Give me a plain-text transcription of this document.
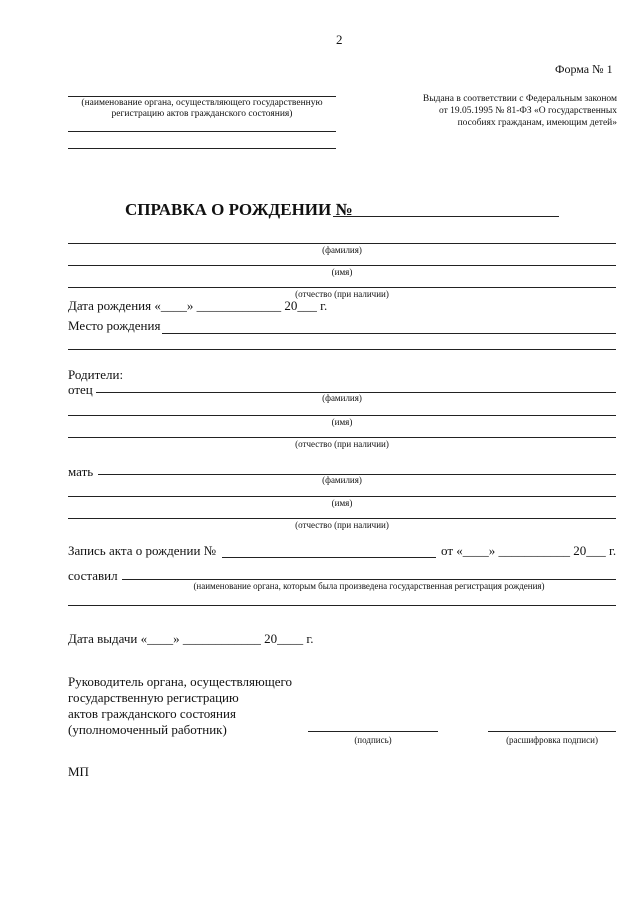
2
Форма № 1
(наименование органа, осуществляющего государственную
регистрацию актов гражданского состояния)
Выдана в соответствии с Федеральным законом
от 19.05.1995 № 81-ФЗ «О государственных
пособиях гражданам, имеющим детей»
СПРАВКА О РОЖДЕНИИ №
(фамилия)
(имя)
(отчество (при наличии)
Дата рождения «____» _____________ 20___ г.
Место рождения
Родители:
отец
(фамилия)
(имя)
(отчество (при наличии)
мать
(фамилия)
(имя)
(отчество (при наличии)
Запись акта о рождении №	от «____» ___________ 20___ г.
составил
(наименование органа, которым была произведена государственная регистрация рождения)
Дата выдачи «____» ____________ 20____ г.
Руководитель органа, осуществляющего
государственную регистрацию
актов гражданского состояния
(уполномоченный работник)
(подпись)	(расшифровка подписи)
МП
